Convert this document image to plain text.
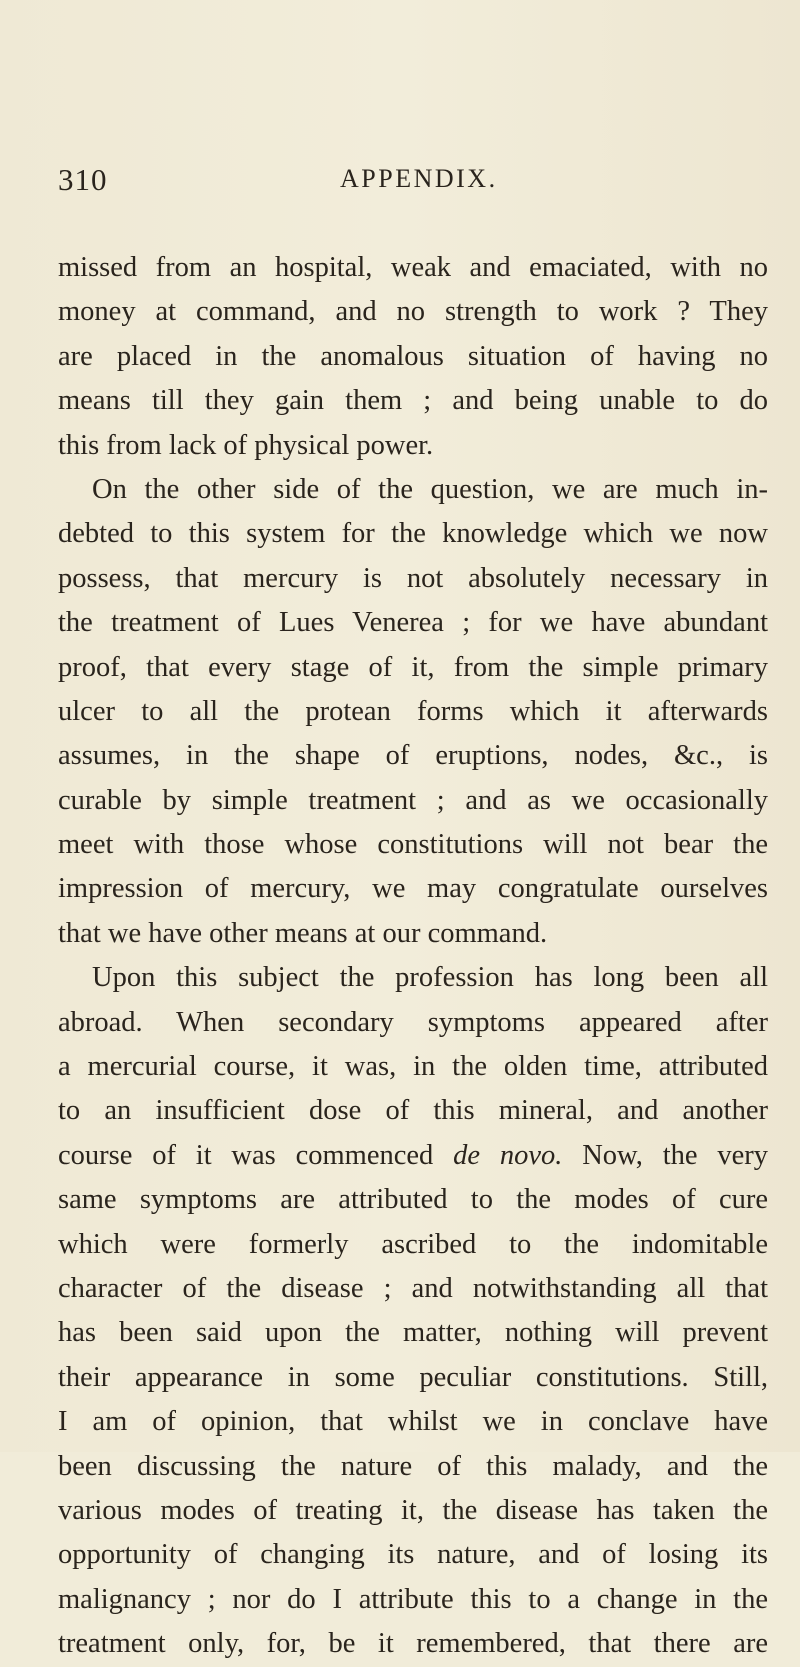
310	APPENDIX.
missed from an hospital, weak and emaciated, with no
money at command, and no strength to work ? They
are placed in the anomalous situation of having no
means till they gain them ; and being unable to do
this from lack of physical power.
On the other side of the question, we are much in-
debted to this system for the knowledge which we now
possess, that mercury is not absolutely necessary in
the treatment of Lues Venerea ; for we have abundant
proof, that every stage of it, from the simple primary
ulcer to all the protean forms which it afterwards
assumes, in the shape of eruptions, nodes, &c., is
curable by simple treatment ; and as we occasionally
meet with those whose constitutions will not bear the
impression of mercury, we may congratulate ourselves
that we have other means at our command.
Upon this subject the profession has long been all
abroad. When secondary symptoms appeared after
a mercurial course, it was, in the olden time, attributed
to an insufficient dose of this mineral, and another
course of it was commenced de novo. Now, the very
same symptoms are attributed to the modes of cure
which were formerly ascribed to the indomitable
character of the disease ; and notwithstanding all that
has been said upon the matter, nothing will prevent
their appearance in some peculiar constitutions. Still,
I am of opinion, that whilst we in conclave have
been discussing the nature of this malady, and the
various modes of treating it, the disease has taken the
opportunity of changing its nature, and of losing its
malignancy ; nor do I attribute this to a change in the
treatment only, for, be it remembered, that there are
